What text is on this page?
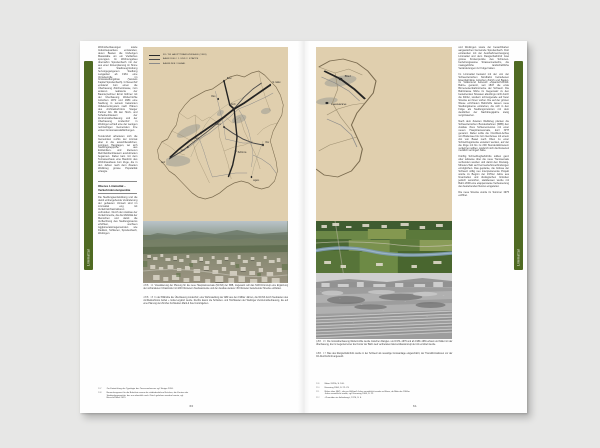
Limmattal
Wohnüberbauungen sowie Industriequartiere entstanden, deren Bauten die bisherigen Massstäbe um ein Vielfaches sprengten. Im Wohnungsbau übernahm Spreitenbach mit der aus einer Zonenplanung im Sinne der Stadtneugründung hervorgegangenen Siedlung Langacker ab 1961 eine Vorreiterrolle im Grosssiedlungsbau (Verweis Kapitel Spreitenbach). In Neuenhof entstand zum einen die Überbauung Zürcherstrasse, zum anderen realisierte der Baunternehmer Ernst Göhner mit der Überbauung Webermühle zwischen 1972 und 1984 eine Siedlung in seinem bekannten Vollelementsystem nach Plänen des Architekturbüros Steiger Partner AG. Mit den Hoch- und Scheibenhäusern der Zentrumsüberbauung und der Überbauung Lindenhof in Wettingen erhielt eine der wenigen rechtsufrigen Gemeinden ihre ersten Grossmassstäblichungen.
Tendenziell arbeiteten sich die Gemeinden rechts der Limmat aber in die ausschliesslichen, sonnigen Hanglagen, wo sich Siedlungsteppiche aus Einfamilien- und kleineren Mehrfamilienhäusern auszubreiten begannen. Dabei kam mit dem Terrassenhaus eine Bauform des Wohnhausbaus zum Zuge, die in den Jahren nach dem Zweiten Weltkrieg grosse Popularität erlangte.
Oberes Limmattal – Verkehrsknotenpunkte
Die Siedlungsentwicklung und die damit einhergehende Veränderung der gebauten Umwelt sind im Limmattal eng mit Verkehrsinfrastrukturen verbunden. Durch den Ausbau der Verkehrsnetze, die die Mobilität der Menschen und damit die Verflechtung des Siedlungsraums erhöhten, wuchsen Agglomerationsgemeinden wie Dietikon, Schlieren, Spreitenbach, Wettingen
Zürich
Basel
Bern
Bellinzona
St. Gallen
Genf
Chur
Luzern
Olten
Lugano
Sion
N1 / N3 HAUPTTRANSVERSALE (1963)
BAHN 2000 / 1. UND 2. ETAPPE
BAHNLINIE / KANAL
ABB. 14Visualisierung der Planung für die neue Hauptransversale (N1/N3) der SBB, insgesamt soll das N1/N3-Konzept eine Ergänzung der vorhandenen Infrastruktur mit 200 Kilometern Neubaustrecke und den Ausbau weiterer 45 Kilometer bestehender Strecke enthalten.
ABB. 15In der Bildmitte die Überbauung Lindenhof, eine Wohnsiedlung der ABZ aus den 1960er Jahren, die N1/N3 durch Neubauten des Architekturbüros Isobel + Isobel ergänzt wurde. Rechts davon die Schieben- und Hochbauten der Wettinger Zentrumsüberbauung, die auf eine Planung der Zürcher Architekten Marti & Koel zurückgehen.
207	Zur Entwicklung der Typologie des Terrassenhauses vgl. Steiger 2016.
208	Bemerkungswert für die Bahnlinie waren die städtebaulichen Brücken, die Zentren der Stadtanlagenpunkte, das nun ebenfalls nach Zürich gefahren werden konnte, vgl. Bürschi/Oeller 2015.
60
Limmattal
Biel
Lausanne
ABB. 16Die Grossüberbauung Webermühle wurde zwischen Rangier- und 1974–1979 und ab 1980–1981 erbaut und bildet mit der Überbauung, die im Gegenteil einer die Kontur der Bahn weit verbreiteten Elementbaukonzept der AG ermittelt wurde.
ABB. 17Bau des Rangierbahnhofs wurde in der Schweiz als neuartige Grossanlage eingeschätzt, der Transitformationen vor der Ort-Durchschnitt angesetzt.
und Wettingen sowie der benachbarten aargauischen Gemeinde Spreitenbach. Dort entstanden mit der Autobahnverzweigung Limmattal und dem Rangierbahnhof zwei grosse Knotenpunkte des Schienen- beziehungsweise Strassenverkehrs, die massgebliche landschaftliche Veränderungen zur Folge hatten.
Im Limmattal bestand mit der von der Schweizerischen Nordbahn betriebenen Eisenbahnlinie zwischen Zürich und Baden, im Volksmund liebevoll «Spanisch-Brötli-Bahn» genannt, seit 1847 die erste Binneneisenbahnstrecke der Schweiz. Die Bahntrasse führte im Gegensatz zu den bestehenden Strassen allerdings nicht durch die Dörfer, sondern schnurgerade auf freier Strecke an ihnen vorbei. Die auf der grünen Wiese errichteten Bahnhöfe lassen neue Siedlungskerne entstehen, die sich in den Folge als Siedlungsmotoren mit dem deutlichen der Nachkriegsjahre stetig vergrösserten.
Nach dem Zweiten Weltkrieg planten die Schweizerischen Bundesbahnen (SBB) den Ausbau ihres Schienennetzes mit einer neuen Haupttransversale, kurz NHT genannt. Dabei sollte die Ost-West-Achse von Bodensee bis zum Genfersee mit einem Ast von Basel nach Olten zu einer Schnellzugstrecke erweitert werden, auf der die Züge mit bis zu 200 Stundenkilometern verkehren sollten, wodurch sich die Reisezeit merklich verringert hätte.
Künftig Schnellzugbahnhöfe sollten ganz oder teilweise über die neue Transversale verbunden werden und damit den Dreissig-Minuten-Takt auf Fernverkehrsverbindungen ermöglichen. Das geplante, die Grösse der Schweiz völlig neu interpretierende Projekt wurde zu Beginn der 1970er Jahre aus finanziellen und ökologischen Gründen jedoch verworfen, stattdessen wurde mit Bahn 2000 eine etappenweise Verbesserung des bestehenden Netzes eingeleitet.
Die neue Strecke wurde im Sommer 1975 eröffnet.
209	Meier 2022b, S. 106.
210	Eisenring 1964, S. 22–23.
211	Näher über NHT-, die per 600km/h Jahre verwirklicht wurde auf Einer, ab Mitte der 1960er Jahre verwirklicht wurde, vgl. Eisenring 1964, S. 22.
212	«Zumutbau im Italienberg», 1976, S. 6.
61
